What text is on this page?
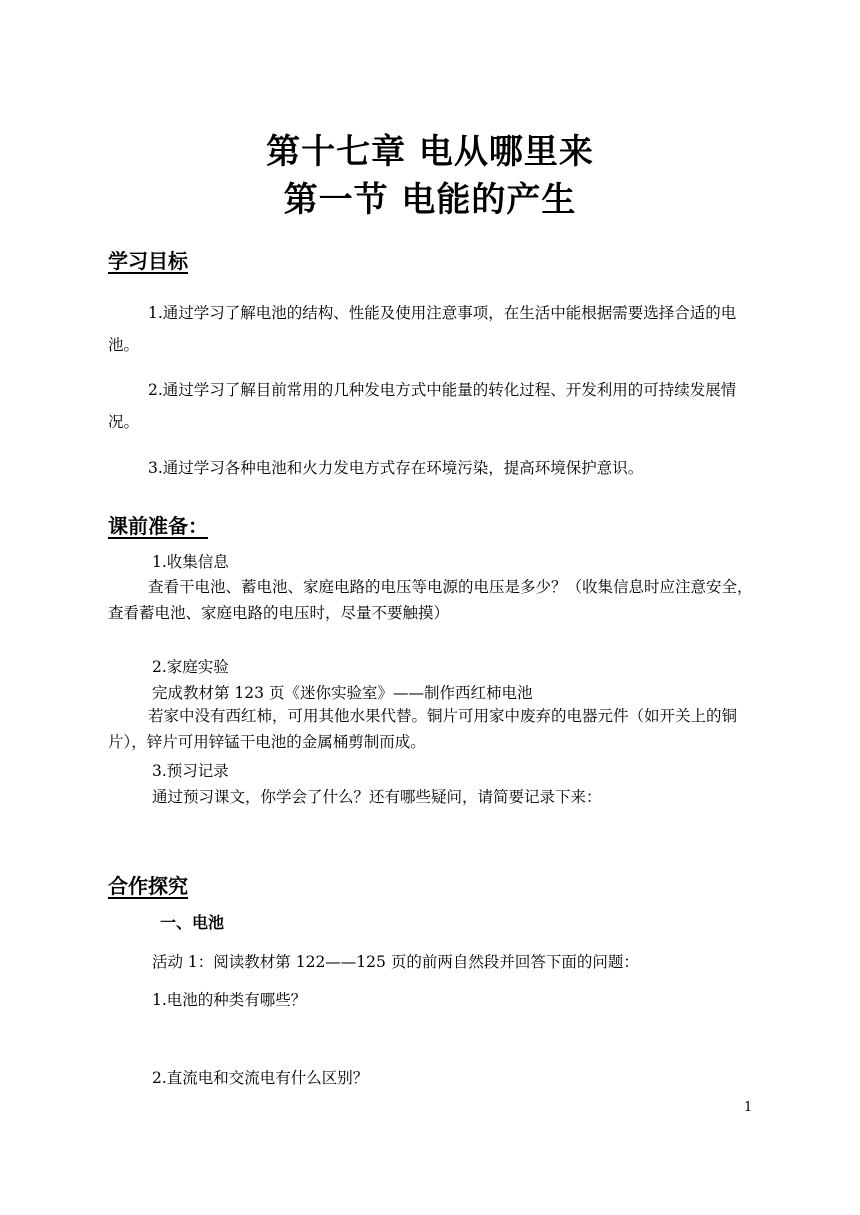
第十七章 电从哪里来
第一节 电能的产生
学习目标
1.通过学习了解电池的结构、性能及使用注意事项，在生活中能根据需要选择合适的电池。
2.通过学习了解目前常用的几种发电方式中能量的转化过程、开发利用的可持续发展情况。
3.通过学习各种电池和火力发电方式存在环境污染，提高环境保护意识。
课前准备：
1.收集信息
查看干电池、蓄电池、家庭电路的电压等电源的电压是多少？（收集信息时应注意安全，查看蓄电池、家庭电路的电压时，尽量不要触摸）
2.家庭实验
完成教材第 123 页《迷你实验室》——制作西红柿电池
若家中没有西红柿，可用其他水果代替。铜片可用家中废弃的电器元件（如开关上的铜片），锌片可用锌锰干电池的金属桶剪制而成。
3.预习记录
通过预习课文，你学会了什么？还有哪些疑问，请简要记录下来：
合作探究
一、电池
活动 1：阅读教材第 122——125 页的前两自然段并回答下面的问题：
1.电池的种类有哪些？
2.直流电和交流电有什么区别？
1
